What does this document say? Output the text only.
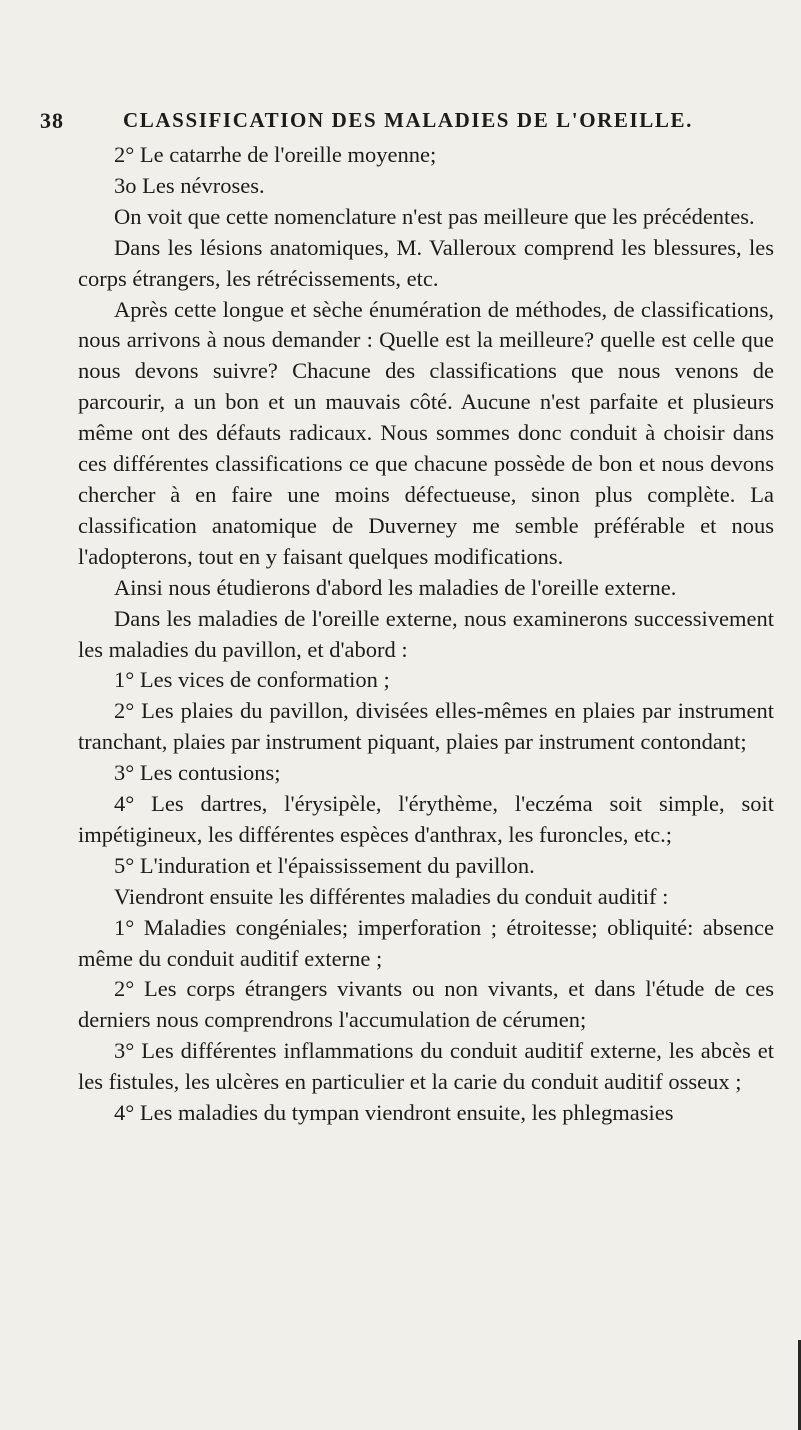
38	CLASSIFICATION DES MALADIES DE L'OREILLE.

2° Le catarrhe de l'oreille moyenne;

3o Les névroses.

On voit que cette nomenclature n'est pas meilleure que les précédentes.

Dans les lésions anatomiques, M. Valleroux comprend les blessures, les corps étrangers, les rétrécissements, etc.

Après cette longue et sèche énumération de méthodes, de classifications, nous arrivons à nous demander : Quelle est la meilleure? quelle est celle que nous devons suivre? Chacune des classifications que nous venons de parcourir, a un bon et un mauvais côté. Aucune n'est parfaite et plusieurs même ont des défauts radicaux. Nous sommes donc conduit à choisir dans ces différentes classifications ce que chacune possède de bon et nous devons chercher à en faire une moins défectueuse, sinon plus complète. La classification anatomique de Duverney me semble préférable et nous l'adopterons, tout en y faisant quelques modifications.

Ainsi nous étudierons d'abord les maladies de l'oreille externe.

Dans les maladies de l'oreille externe, nous examinerons successivement les maladies du pavillon, et d'abord :

1° Les vices de conformation ;

2° Les plaies du pavillon, divisées elles-mêmes en plaies par instrument tranchant, plaies par instrument piquant, plaies par instrument contondant;

3° Les contusions;

4° Les dartres, l'érysipèle, l'érythème, l'eczéma soit simple, soit impétigineux, les différentes espèces d'anthrax, les furoncles, etc.;

5° L'induration et l'épaississement du pavillon.

Viendront ensuite les différentes maladies du conduit auditif :

1° Maladies congéniales; imperforation ; étroitesse; obliquité: absence même du conduit auditif externe ;

2° Les corps étrangers vivants ou non vivants, et dans l'étude de ces derniers nous comprendrons l'accumulation de cérumen;

3° Les différentes inflammations du conduit auditif externe, les abcès et les fistules, les ulcères en particulier et la carie du conduit auditif osseux ;

4° Les maladies du tympan viendront ensuite, les phlegmasies
